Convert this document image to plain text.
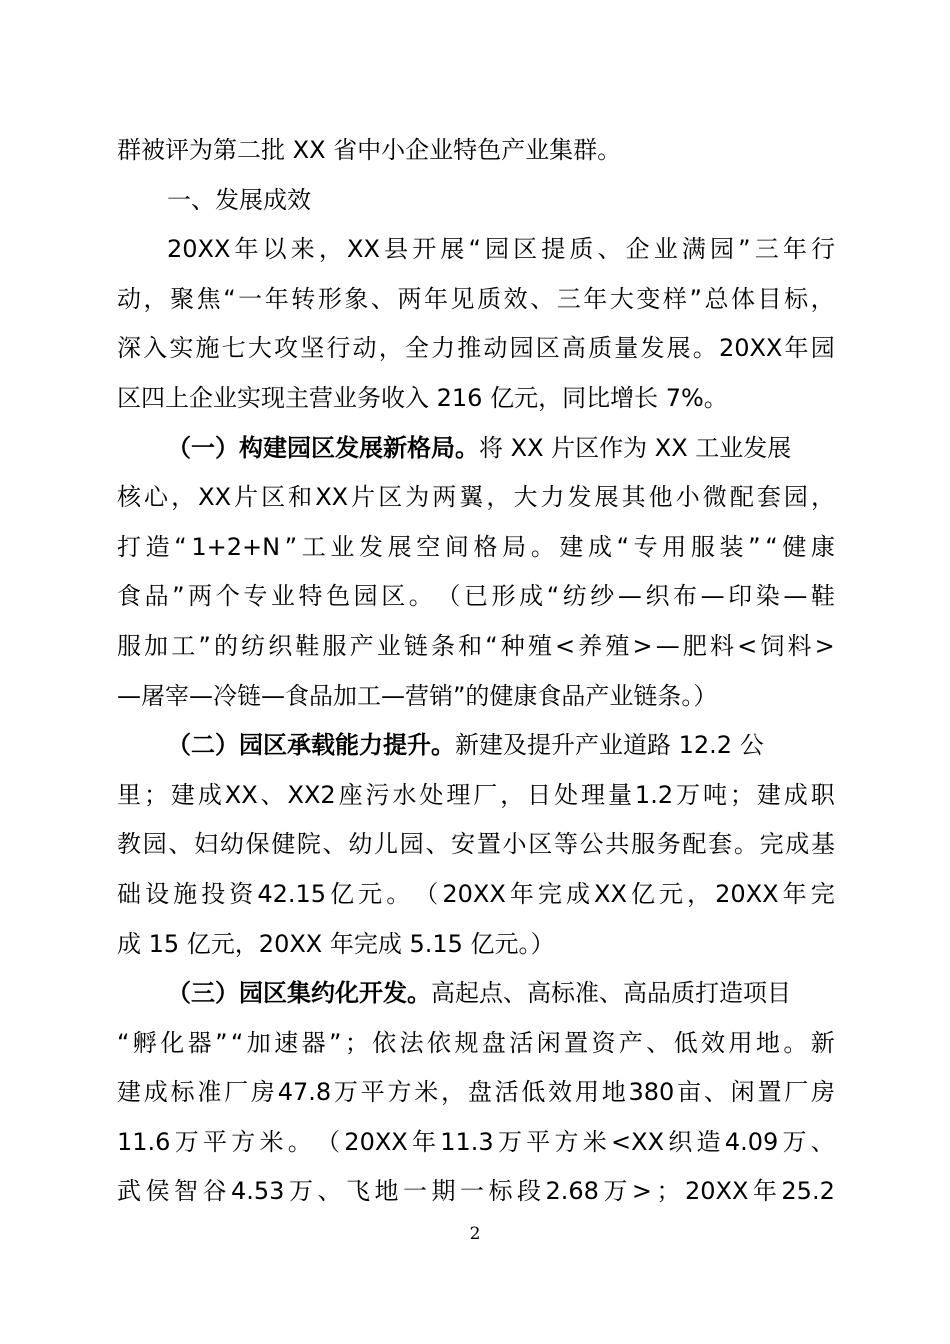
群被评为第二批 XX 省中小企业特色产业集群。
一、发展成效
20XX 年 以 来 ， XX 县 开 展 “ 园 区 提 质 、 企 业 满 园 ” 三 年 行
动 ， 聚 焦 “ 一 年 转 形 象 、 两 年 见 质 效 、 三 年 大 变 样 ” 总 体 目 标 ，
深 入 实 施 七 大 攻 坚 行 动 ， 全 力 推 动 园 区 高 质 量 发 展 。 20XX 年 园
区四上企业实现主营业务收入 216 亿元，同比增长 7%。
（一）构建园区发展新格局。 将 XX 片区作为 XX 工业发展
核 心 ， XX 片 区 和 XX 片 区 为 两 翼 ， 大 力 发 展 其 他 小 微 配 套 园 ，
打 造 “ 1+2+N ” 工 业 发 展 空 间 格 局 。 建 成 “ 专 用 服 装 ” “ 健 康
食 品 ” 两 个 专 业 特 色 园 区 。 （ 已 形 成 “ 纺 纱 — 织 布 — 印 染 — 鞋
服 加 工 ” 的 纺 织 鞋 服 产 业 链 条 和 “ 种 殖 < 养 殖 > — 肥 料 < 饲 料 >
—屠宰—冷链—食品加工—营销”的健康食品产业链条。）
（二）园区承载能力提升。 新建及提升产业道路 12.2 公
里 ； 建 成 XX 、 XX2 座 污 水 处 理 厂 ， 日 处 理 量 1.2 万 吨 ； 建 成 职
教 园 、 妇 幼 保 健 院 、 幼 儿 园 、 安 置 小 区 等 公 共 服 务 配 套 。 完 成 基
础 设 施 投 资 42.15 亿 元 。 （ 20XX 年 完 成 XX 亿 元 ， 20XX 年 完
成 15 亿元，20XX 年完成 5.15 亿元。）
（三）园区集约化开发。 高起点、高标准、高品质打造项目
“ 孵 化 器 ” “ 加 速 器 ” ； 依 法 依 规 盘 活 闲 置 资 产 、 低 效 用 地 。 新
建 成 标 准 厂 房 47.8 万 平 方 米 ， 盘 活 低 效 用 地 380 亩 、 闲 置 厂 房
11.6 万 平 方 米 。 （ 20XX 年 11.3 万 平 方 米 <XX 织 造 4.09 万 、
武 侯 智 谷 4.53 万 、 飞 地 一 期 一 标 段 2.68 万 > ； 20XX 年 25.2
2
